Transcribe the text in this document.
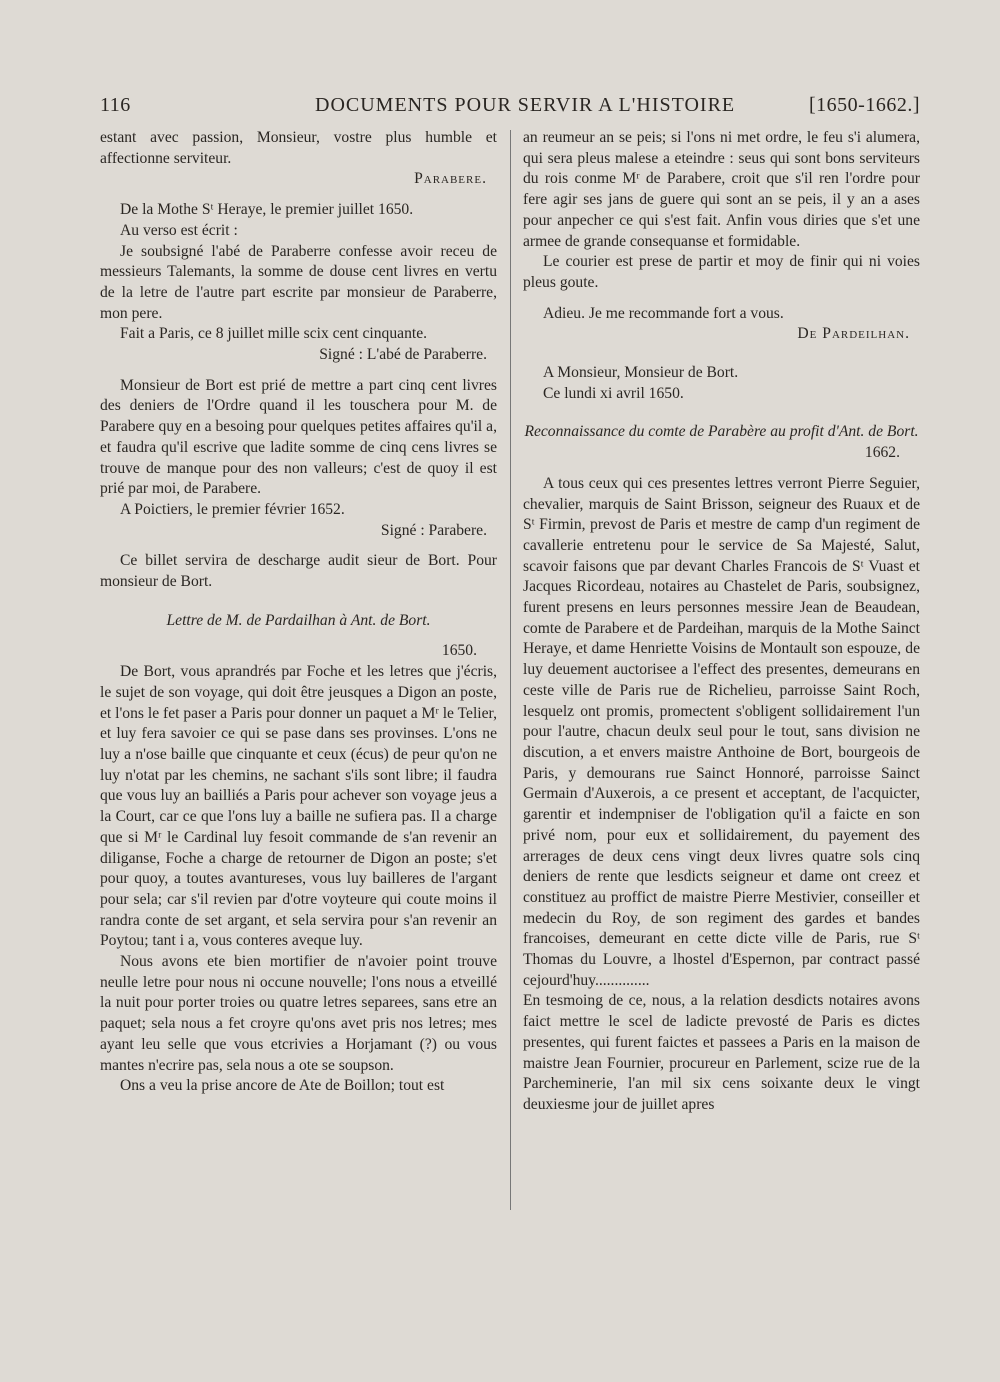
116	DOCUMENTS POUR SERVIR A L'HISTOIRE	[1650-1662.]

estant avec passion, Monsieur, vostre plus humble et affectionne serviteur.

Parabere.

De la Mothe Sᵗ Heraye, le premier juillet 1650.

Au verso est écrit :

Je soubsigné l'abé de Paraberre confesse avoir receu de messieurs Talemants, la somme de douse cent livres en vertu de la letre de l'autre part escrite par monsieur de Paraberre, mon pere.

Fait a Paris, ce 8 juillet mille scix cent cinquante.

Signé : L'abé de Paraberre.

Monsieur de Bort est prié de mettre a part cinq cent livres des deniers de l'Ordre quand il les touschera pour M. de Parabere quy en a besoing pour quelques petites affaires qu'il a, et faudra qu'il escrive que ladite somme de cinq cens livres se trouve de manque pour des non valleurs; c'est de quoy il est prié par moi, de Parabere.

A Poictiers, le premier février 1652.

Signé : Parabere.

Ce billet servira de descharge audit sieur de Bort. Pour monsieur de Bort.

Lettre de M. de Pardailhan à Ant. de Bort.

1650.

De Bort, vous aprandrés par Foche et les letres que j'écris, le sujet de son voyage, qui doit être jeusques a Digon an poste, et l'ons le fet paser a Paris pour donner un paquet a Mʳ le Telier, et luy fera savoier ce qui se pase dans ses provinses. L'ons ne luy a n'ose baille que cinquante et ceux (écus) de peur qu'on ne luy n'otat par les chemins, ne sachant s'ils sont libre; il faudra que vous luy an bailliés a Paris pour achever son voyage jeus a la Court, car ce que l'ons luy a baille ne sufiera pas. Il a charge que si Mʳ le Cardinal luy fesoit commande de s'an revenir an diliganse, Foche a charge de retourner de Digon an poste; s'et pour quoy, a toutes avantureses, vous luy bailleres de l'argant pour sela; car s'il revien par d'otre voyteure qui coute moins il randra conte de set argant, et sela servira pour s'an revenir an Poytou; tant i a, vous conteres aveque luy.

Nous avons ete bien mortifier de n'avoier point trouve neulle letre pour nous ni occune nouvelle; l'ons nous a etveillé la nuit pour porter troies ou quatre letres separees, sans etre an paquet; sela nous a fet croyre qu'ons avet pris nos letres; mes ayant leu selle que vous etcrivies a Horjamant (?) ou vous mantes n'ecrire pas, sela nous a ote se soupson.

Ons a veu la prise ancore de Ate de Boillon; tout est

an reumeur an se peis; si l'ons ni met ordre, le feu s'i alumera, qui sera pleus malese a eteindre : seus qui sont bons serviteurs du rois conme Mʳ de Parabere, croit que s'il ren l'ordre pour fere agir ses jans de guere qui sont an se peis, il y an a ases pour anpecher ce qui s'est fait. Anfin vous diries que s'et une armee de grande consequanse et formidable.

Le courier est prese de partir et moy de finir qui ni voies pleus goute.

Adieu. Je me recommande fort a vous.

De Pardeilhan.

A Monsieur, Monsieur de Bort.

Ce lundi xi avril 1650.

Reconnaissance du comte de Parabère au profit d'Ant. de Bort.

1662.

A tous ceux qui ces presentes lettres verront Pierre Seguier, chevalier, marquis de Saint Brisson, seigneur des Ruaux et de Sᵗ Firmin, prevost de Paris et mestre de camp d'un regiment de cavallerie entretenu pour le service de Sa Majesté, Salut, scavoir faisons que par devant Charles Francois de Sᵗ Vuast et Jacques Ricordeau, notaires au Chastelet de Paris, soubsignez, furent presens en leurs personnes messire Jean de Beaudean, comte de Parabere et de Pardeihan, marquis de la Mothe Sainct Heraye, et dame Henriette Voisins de Montault son espouze, de luy deuement auctorisee a l'effect des presentes, demeurans en ceste ville de Paris rue de Richelieu, parroisse Saint Roch, lesquelz ont promis, promectent s'obligent sollidairement l'un pour l'autre, chacun deulx seul pour le tout, sans division ne discution, a et envers maistre Anthoine de Bort, bourgeois de Paris, y demourans rue Sainct Honnoré, parroisse Sainct Germain d'Auxerois, a ce present et acceptant, de l'acquicter, garentir et indempniser de l'obligation qu'il a faicte en son privé nom, pour eux et sollidairement, du payement des arrerages de deux cens vingt deux livres quatre sols cinq deniers de rente que lesdicts seigneur et dame ont creez et constituez au proffict de maistre Pierre Mestivier, conseiller et medecin du Roy, de son regiment des gardes et bandes francoises, demeurant en cette dicte ville de Paris, rue Sᵗ Thomas du Louvre, a lhostel d'Espernon, par contract passé cejourd'huy..............

En tesmoing de ce, nous, a la relation desdicts notaires avons faict mettre le scel de ladicte prevosté de Paris es dictes presentes, qui furent faictes et passees a Paris en la maison de maistre Jean Fournier, procureur en Parlement, scize rue de la Parcheminerie, l'an mil six cens soixante deux le vingt deuxiesme jour de juillet apres
